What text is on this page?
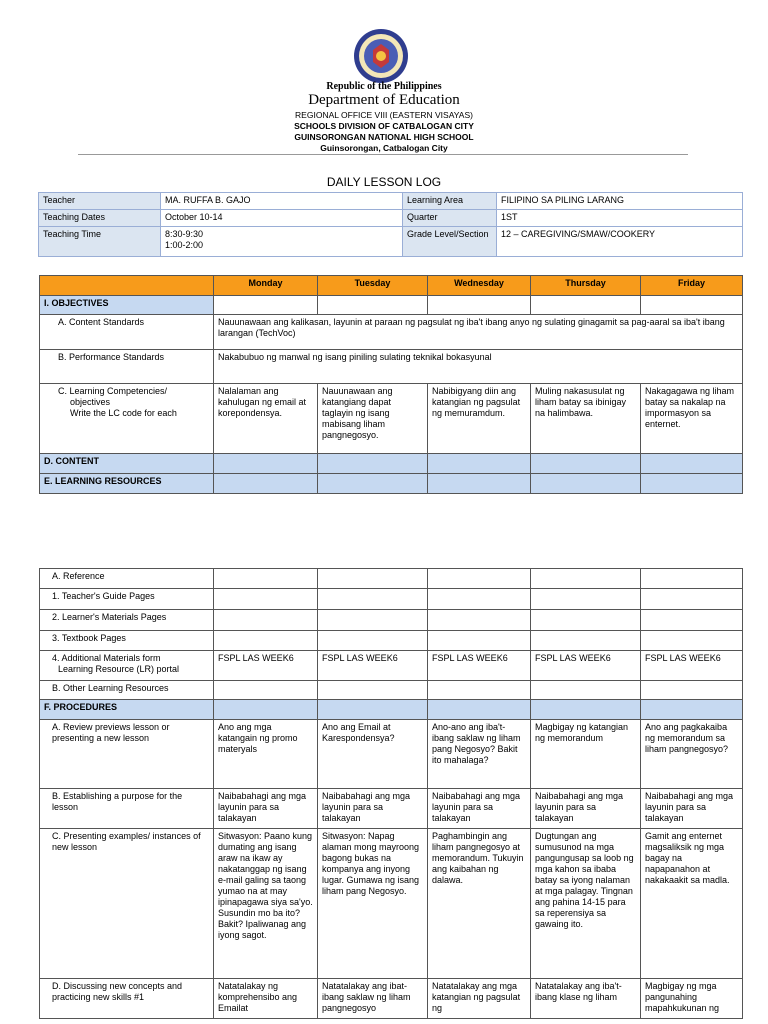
Republic of the Philippines
Department of Education
REGIONAL OFFICE VIII (EASTERN VISAYAS)
SCHOOLS DIVISION OF CATBALOGAN CITY
GUINSORONGAN NATIONAL HIGH SCHOOL
Guinsorongan, Catbalogan City
DAILY LESSON LOG
Teacher	MA. RUFFA B. GAJO	Learning Area	FILIPINO SA PILING LARANG
Teaching Dates	October 10-14	Quarter	1ST
Teaching Time	8:30-9:30
1:00-2:00	Grade Level/Section	12 – CAREGIVING/SMAW/COOKERY
	Monday	Tuesday	Wednesday	Thursday	Friday
I. OBJECTIVES					
A. Content Standards	Nauunawaan ang kalikasan, layunin at paraan ng pagsulat ng iba't ibang anyo ng sulating ginagamit sa pag-aaral sa iba't ibang larangan (TechVoc)				
B. Performance Standards	Nakabubuo ng manwal ng isang piniling sulating teknikal bokasyunal				

C. Learning Competencies/
objectives
Write the LC code for each	Nalalaman ang kahulugan ng email at korepondensya.	Nauunawaan ang katangiang dapat taglayin ng isang mabisang liham pangnegosyo.	Nabibigyang diin ang katangian ng pagsulat ng memuramdum.	Muling nakasusulat ng liham batay sa ibinigay na halimbawa.	Nakagagawa ng liham batay sa nakalap na impormasyon sa enternet.
D. CONTENT					
E. LEARNING RESOURCES					
A. Reference					
1. Teacher's Guide Pages					
2. Learner's Materials Pages					
3. Textbook Pages					

4. Additional Materials form
Learning Resource (LR) portal	FSPL LAS WEEK6	FSPL LAS WEEK6	FSPL LAS WEEK6	FSPL LAS WEEK6	FSPL LAS WEEK6
B. Other Learning Resources					
F. PROCEDURES					
A. Review previews lesson or presenting a new lesson	Ano ang mga katangain ng promo materyals	Ano ang Email at Karespondensya?	Ano-ano ang iba't-ibang saklaw ng liham pang Negosyo? Bakit ito mahalaga?	Magbigay ng katangian ng memorandum	Ano ang pagkakaiba ng memorandum sa liham pangnegosyo?
B. Establishing a purpose for the lesson	Naibabahagi ang mga layunin para sa talakayan	Naibabahagi ang mga layunin para sa talakayan	Naibabahagi ang mga layunin para sa talakayan	Naibabahagi ang mga layunin para sa talakayan	Naibabahagi ang mga layunin para sa talakayan
C. Presenting examples/ instances of new lesson	Sitwasyon: Paano kung dumating ang isang araw na ikaw ay nakatanggap ng isang e-mail galing sa taong yumao na at may ipinapagawa siya sa'yo. Susundin mo ba ito? Bakit? Ipaliwanag ang iyong sagot.	Sitwasyon: Napag alaman mong mayroong bagong bukas na kompanya ang inyong lugar. Gumawa ng isang liham pang Negosyo.	Paghambingin ang liham pangnegosyo at memorandum. Tukuyin ang kaibahan ng dalawa.	Dugtungan ang sumusunod na mga pangungusap sa loob ng mga kahon sa ibaba batay sa iyong nalaman at mga palagay. Tingnan ang pahina 14-15 para sa reperensiya sa gawaing ito.	Gamit ang enternet magsaliksik ng mga bagay na napapanahon at nakakaakit sa madla.
D. Discussing new concepts and practicing new skills #1	Natatalakay ng komprehensibo ang Emailat	Natatalakay ang ibat-ibang saklaw ng liham pangnegosyo	Natatalakay ang mga katangian ng pagsulat ng	Natatalakay ang iba't-ibang klase ng liham	Magbigay ng mga pangunahing mapahkukunan ng
